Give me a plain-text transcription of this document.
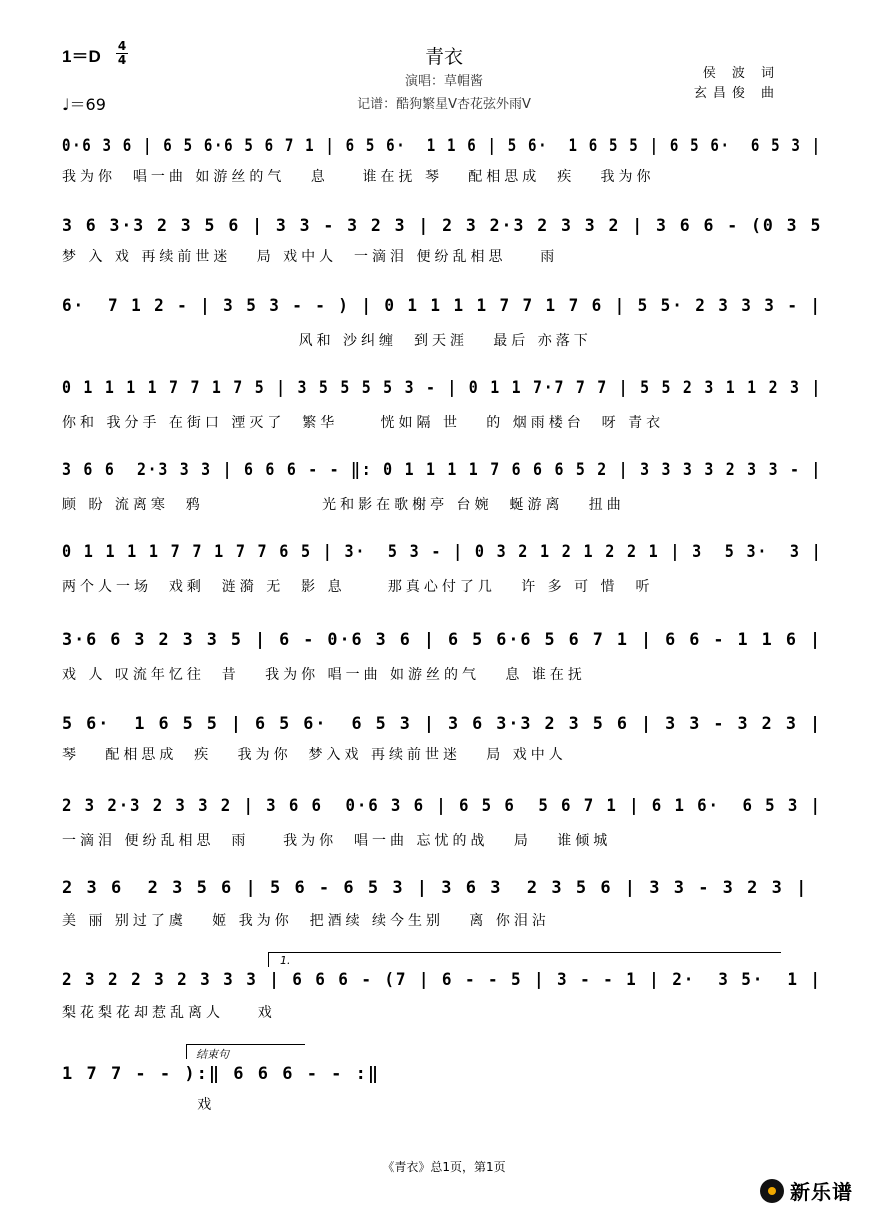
1＝D
4
4
♩＝69
青衣
演唱：草帽酱
记谱：酷狗繁星V杏花弦外雨V
侯 波 词
玄昌俊 曲
0·6 3 6 | 6 5 6·6 5 6 7 1 | 6 5 6·  1 1 6 | 5 6·  1 6 5 5 | 6 5 6·  6 5 3 |
我为你  唱一曲 如游丝的气   息    谁在抚 琴   配相思成  疾   我为你
3 6 3·3 2 3 5 6 | 3 3 - 3 2 3 | 2 3 2·3 2 3 3 2 | 3 6 6 - (0 3 5
梦 入 戏 再续前世迷   局 戏中人  一滴泪 便纷乱相思    雨
6·  7 1 2 - | 3 5 3 - - ) | 0 1 1 1 1 7 7 1 7 6 | 5 5· 2 3 3 3 - |
风和 沙纠缠  到天涯   最后 亦落下
0 1 1 1 1 7 7 1 7 5 | 3 5 5 5 5 3 - | 0 1 1 7·7 7 7 | 5 5 2 3 1 1 2 3 |
你和 我分手 在街口 湮灭了  繁华     恍如隔 世   的 烟雨楼台  呀 青衣
3 6 6  2·3 3 3 | 6 6 6 - - ‖: 0 1 1 1 1 7 6 6 6 5 2 | 3 3 3 3 2 3 3 - |
顾 盼 流离寒  鸦              光和影在歌榭亭 台婉  蜒游离   扭曲
0 1 1 1 1 7 7 1 7 7 6 5 | 3·  5 3 - | 0 3 2 1 2 1 2 2 1 | 3  5 3·  3 |
两个人一场  戏剩  涟漪 无  影 息     那真心付了几   许 多 可 惜  听
3·6 6 3 2 3 3 5 | 6 - 0·6 3 6 | 6 5 6·6 5 6 7 1 | 6 6 - 1 1 6 |
戏 人 叹流年忆往  昔   我为你 唱一曲 如游丝的气   息 谁在抚
5 6·  1 6 5 5 | 6 5 6·  6 5 3 | 3 6 3·3 2 3 5 6 | 3 3 - 3 2 3 |
琴   配相思成  疾   我为你  梦入戏 再续前世迷   局 戏中人
2 3 2·3 2 3 3 2 | 3 6 6  0·6 3 6 | 6 5 6  5 6 7 1 | 6 1 6·  6 5 3 |
一滴泪 便纷乱相思  雨    我为你  唱一曲 忘忧的战   局   谁倾城
2 3 6  2 3 5 6 | 5 6 - 6 5 3 | 3 6 3  2 3 5 6 | 3 3 - 3 2 3 |
美 丽 别过了虞   姬 我为你  把酒续 续今生别   离 你泪沾
2 3 2 2 3 2 3 3 3 | 6 6 6 - (7 | 6 - - 5 | 3 - - 1 | 2·  3 5·  1 |
梨花梨花却惹乱离人    戏
1 7 7 - - ):‖ 6 6 6 - - :‖
戏
1.
结束句
《青衣》总1页，第1页
新乐谱
